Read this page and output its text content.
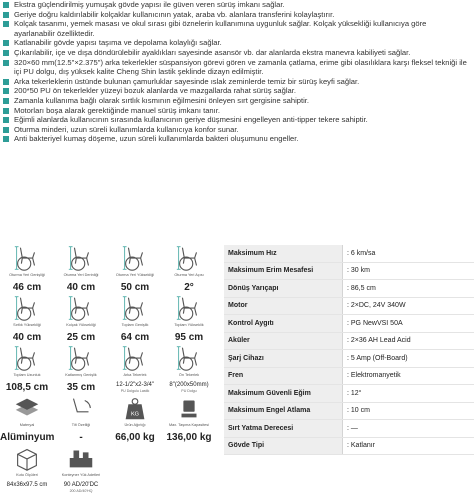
Ekstra güçlendirilmiş yumuşak gövde yapısı ile güven veren sürüş imkanı sağlar.
Geriye doğru kaldırılabilir kolçaklar kullanıcının yatak, araba vb. alanlara transferini kolaylaştırır.
Kolçak tasarımı, yemek masası ve okul sırası gibi öznelerin kullanımına uygunluk sağlar. Kolçak yüksekliği kullanıcıya göre ayarlanabilir özelliktedir.
Katlanabilir gövde yapısı taşıma ve depolama kolaylığı sağlar.
Çıkarılabilir, içe ve dışa döndürülebilir ayaklıkları sayesinde asansör vb. dar alanlarda ekstra manevra kabiliyeti sağlar.
320×60 mm(12.5"×2.375") arka tekerlekler süspansiyon görevi gören ve zamanla çatlama, erime gibi olasılıklara karşı fleksel tekniği ile içi PU dolgu, dış yüksek kalite Cheng Shin lastik şeklinde dizayn edilmiştir.
Arka tekerleklerin üstünde bulunan çamurluklar sayesinde ıslak zeminlerde temiz bir sürüş keyfi sağlar.
200*50 PU ön tekerlekler yüzeyi bozuk alanlarda ve mazgallarda rahat sürüş sağlar.
Zamanla kullanıma bağlı olarak sırtlık kısmının eğilmesini önleyen sırt gergisine sahiptir.
Motorları boşa alarak gerektiğinde manuel sürüş imkanı tanır.
Eğimli alanlarda kullanıcının sırasında kullanıcının geriye düşmesini engelleyen anti-tipper tekere sahiptir.
Oturma minderi, uzun süreli kullanımlarda kullanıcıya konfor sunar.
Anti bakteriyel kumaş döşeme, uzun süreli kullanımlarda bakteri oluşumunu engeller.
Oturma Yeri Genişliği
46 cm
Oturma Yeri Derinliği
40 cm
Oturma Yeri Yüksekliği
50 cm
Oturma Yeri Açısı
2°
Sırtlık Yüksekliği
40 cm
Kolçak Yüksekliği
25 cm
Toplam Genişlik
64 cm
Toplam Yükseklik
95 cm
Toplam Uzunluk
108,5 cm
Katlanmış Genişlik
35 cm
Arka Tekerlek
12-1/2"x2-3/4"
PU Dolgulu Lastik
Ön Tekerlek
8"(200x50mm)
PU Dolgu
Materyal
Alüminyum
Tilt Özelliği
-
KG
Ürün Ağırlığı
66,00 kg
Max. Taşıma Kapasitesi
136,00 kg
Kutu Ölçüleri
84x36x97.5 cm
Konteyner Yük Adetleri
90 AD/20'DC
200 AD/40'HQ
Maksimum Hız	: 6 km/sa
Maksimum Erim Mesafesi	: 30 km
Dönüş Yarıçapı	: 86,5 cm
Motor	: 2×DC, 24V 340W
Kontrol Aygıtı	: PG NewVSI 50A
Aküler	: 2×36 AH Lead Acid
Şarj Cihazı	: 5 Amp (Off-Board)
Fren	: Elektromanyetik
Maksimum Güvenli Eğim	: 12°
Maksimum Engel Atlama	: 10 cm
Sırt Yatma Derecesi	: —
Gövde Tipi	: Katlanır
